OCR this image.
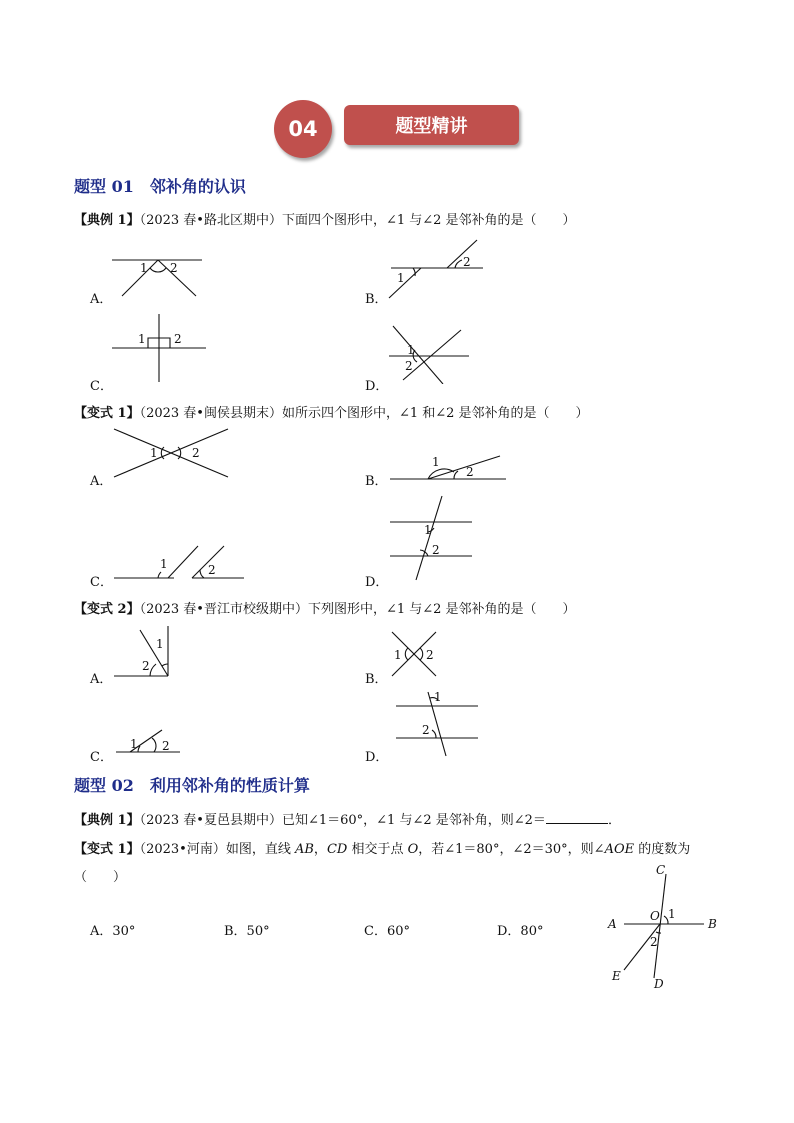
04	题型精讲
题型 01 邻补角的认识
【典例 1】（2023 春•路北区期中）下面四个图形中，∠1 与∠2 是邻补角的是（　　）
A．	B．
C．	D．
1 2
1
2
1 2
1
2
【变式 1】（2023 春•闽侯县期末）如所示四个图形中，∠1 和∠2 是邻补角的是（　　）
A．	B．
C．	D．
1	2
1
2
1	2
1
2
【变式 2】（2023 春•晋江市校级期中）下列图形中，∠1 与∠2 是邻补角的是（　　）
A．	B．
C．	D．
1
2
1 2
1 2
1
2
题型 02 利用邻补角的性质计算
【典例 1】（2023 春•夏邑县期中）已知∠1＝60°，∠1 与∠2 是邻补角，则∠2＝	．
【变式 1】（2023•河南）如图，直线 AB，CD 相交于点 O，若∠1＝80°，∠2＝30°，则∠AOE 的度数为
（　　）
A．30°	B．50°	C．60°	D．80°
C
A	B
O 1
2
E
D
